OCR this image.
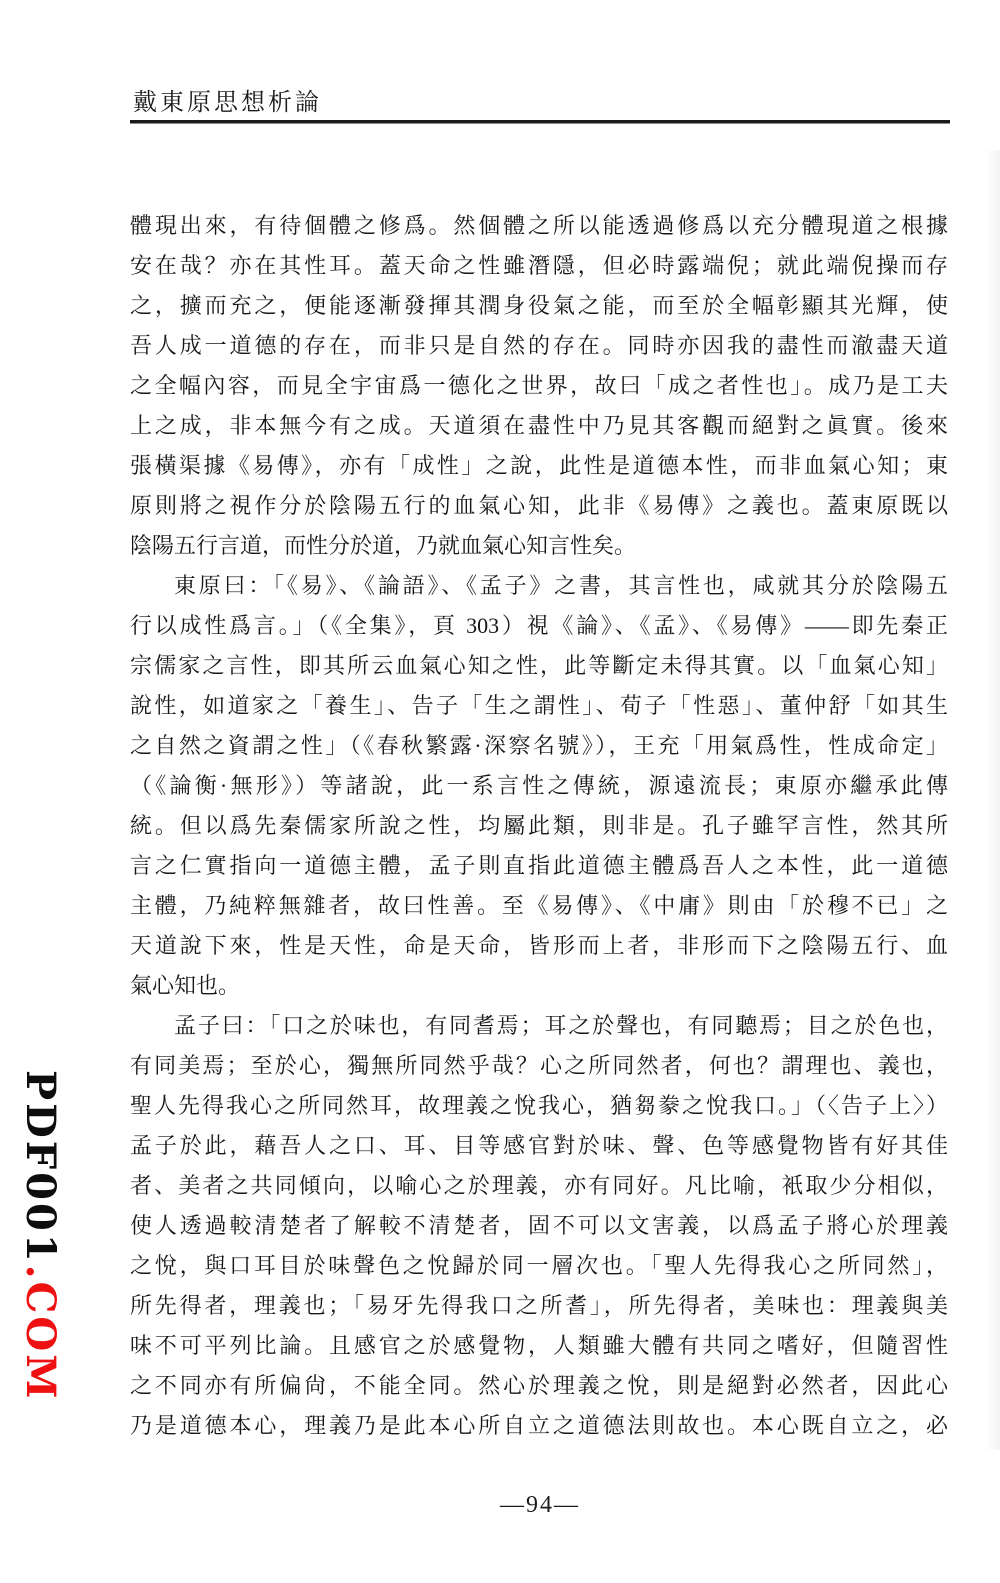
戴東原思想析論
體現出來，有待個體之修爲。然個體之所以能透過修爲以充分體現道之根據
安在哉？亦在其性耳。蓋天命之性雖潛隱，但必時露端倪；就此端倪操而存
之，擴而充之，便能逐漸發揮其潤身役氣之能，而至於全幅彰顯其光輝，使
吾人成一道德的存在，而非只是自然的存在。同時亦因我的盡性而澈盡天道
之全幅內容，而見全宇宙爲一德化之世界，故曰「成之者性也」。成乃是工夫
上之成，非本無今有之成。天道須在盡性中乃見其客觀而絕對之眞實。後來
張橫渠據《易傳》，亦有「成性」之說，此性是道德本性，而非血氣心知；東
原則將之視作分於陰陽五行的血氣心知，此非《易傳》之義也。蓋東原既以
陰陽五行言道，而性分於道，乃就血氣心知言性矣。
東原曰：「《易》、《論語》、《孟子》之書，其言性也，咸就其分於陰陽五
行以成性爲言。」（《全集》，頁 303）視《論》、《孟》、《易傳》——即先秦正
宗儒家之言性，即其所云血氣心知之性，此等斷定未得其實。以「血氣心知」
說性，如道家之「養生」、告子「生之謂性」、荀子「性惡」、董仲舒「如其生
之自然之資謂之性」（《春秋繁露·深察名號》），王充「用氣爲性，性成命定」
（《論衡·無形》）等諸說，此一系言性之傳統，源遠流長；東原亦繼承此傳
統。但以爲先秦儒家所說之性，均屬此類，則非是。孔子雖罕言性，然其所
言之仁實指向一道德主體，孟子則直指此道德主體爲吾人之本性，此一道德
主體，乃純粹無雜者，故曰性善。至《易傳》、《中庸》則由「於穆不已」之
天道說下來，性是天性，命是天命，皆形而上者，非形而下之陰陽五行、血
氣心知也。
孟子曰：「口之於味也，有同耆焉；耳之於聲也，有同聽焉；目之於色也，
有同美焉；至於心，獨無所同然乎哉？心之所同然者，何也？謂理也、義也，
聖人先得我心之所同然耳，故理義之悅我心，猶芻豢之悅我口。」（〈告子上〉）
孟子於此，藉吾人之口、耳、目等感官對於味、聲、色等感覺物皆有好其佳
者、美者之共同傾向，以喻心之於理義，亦有同好。凡比喻，衹取少分相似，
使人透過較清楚者了解較不清楚者，固不可以文害義，以爲孟子將心於理義
之悅，與口耳目於味聲色之悅歸於同一層次也。「聖人先得我心之所同然」，
所先得者，理義也；「易牙先得我口之所耆」，所先得者，美味也：理義與美
味不可平列比論。且感官之於感覺物，人類雖大體有共同之嗜好，但隨習性
之不同亦有所偏尙，不能全同。然心於理義之悅，則是絕對必然者，因此心
乃是道德本心，理義乃是此本心所自立之道德法則故也。本心既自立之，必
PDF001.COM
—94—
